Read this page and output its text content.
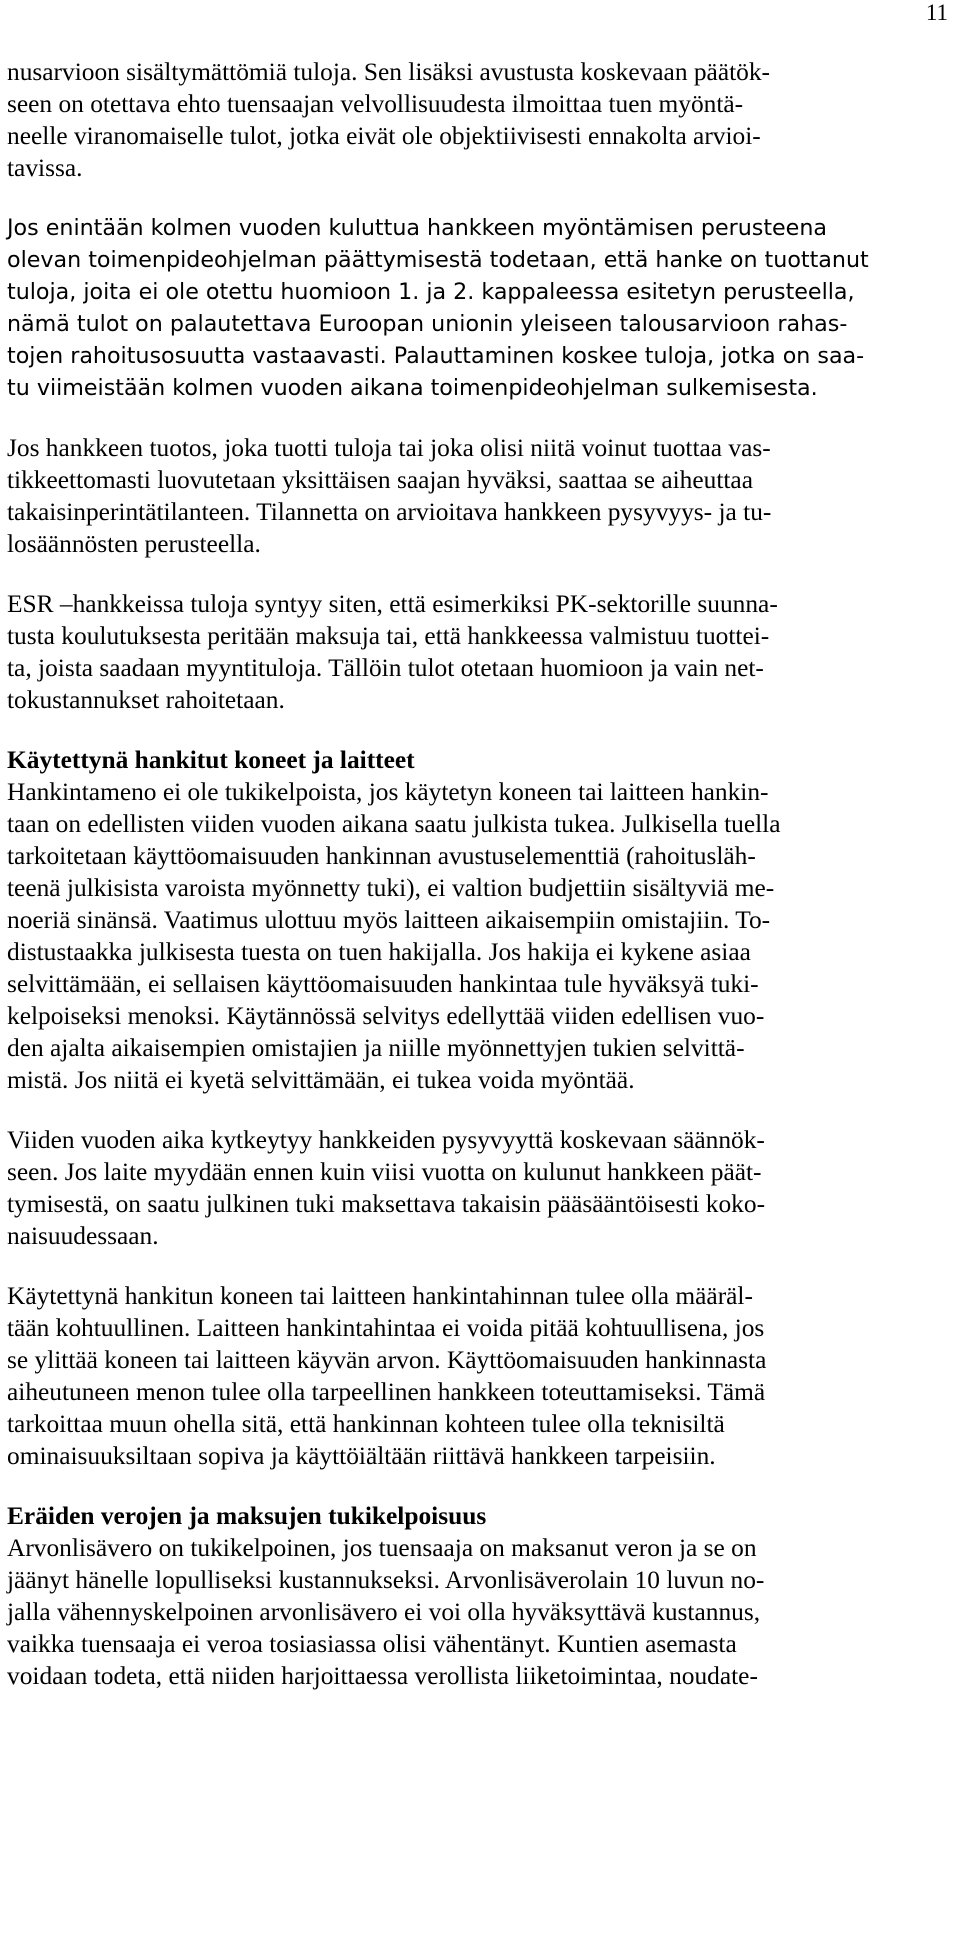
11

nusarvioon sisältymättömiä tuloja. Sen lisäksi avustusta koskevaan päätök-
seen on otettava ehto tuensaajan velvollisuudesta ilmoittaa tuen myöntä-
neelle viranomaiselle tulot, jotka eivät ole objektiivisesti ennakolta arvioi-
tavissa.

Jos enintään kolmen vuoden kuluttua hankkeen myöntämisen perusteena
olevan toimenpideohjelman päättymisestä todetaan, että hanke on tuottanut
tuloja, joita ei ole otettu huomioon 1. ja 2. kappaleessa esitetyn perusteella,
nämä tulot on palautettava Euroopan unionin yleiseen talousarvioon rahas-
tojen rahoitusosuutta vastaavasti. Palauttaminen koskee tuloja, jotka on saa-
tu viimeistään kolmen vuoden aikana toimenpideohjelman sulkemisesta.

Jos hankkeen tuotos, joka tuotti tuloja tai joka olisi niitä voinut tuottaa vas-
tikkeettomasti luovutetaan yksittäisen saajan hyväksi, saattaa se aiheuttaa
takaisinperintätilanteen. Tilannetta on arvioitava hankkeen pysyvyys- ja tu-
losäännösten perusteella.

ESR –hankkeissa tuloja syntyy siten, että esimerkiksi PK-sektorille suunna-
tusta koulutuksesta peritään maksuja tai, että hankkeessa valmistuu tuottei-
ta, joista saadaan myyntituloja. Tällöin tulot otetaan huomioon ja vain net-
tokustannukset rahoitetaan.

Käytettynä hankitut koneet ja laitteet
Hankintameno ei ole tukikelpoista, jos käytetyn koneen tai laitteen hankin-
taan on edellisten viiden vuoden aikana saatu julkista tukea. Julkisella tuella
tarkoitetaan käyttöomaisuuden hankinnan avustuselementtiä (rahoitusläh-
teenä julkisista varoista myönnetty tuki), ei valtion budjettiin sisältyviä me-
noeriä sinänsä. Vaatimus ulottuu myös laitteen aikaisempiin omistajiin. To-
distustaakka julkisesta tuesta on tuen hakijalla. Jos hakija ei kykene asiaa
selvittämään, ei sellaisen käyttöomaisuuden hankintaa tule hyväksyä tuki-
kelpoiseksi menoksi. Käytännössä selvitys edellyttää viiden edellisen vuo-
den ajalta aikaisempien omistajien ja niille myönnettyjen tukien selvittä-
mistä. Jos niitä ei kyetä selvittämään, ei tukea voida myöntää.

Viiden vuoden aika kytkeytyy hankkeiden pysyvyyttä koskevaan säännök-
seen. Jos laite myydään ennen kuin viisi vuotta on kulunut hankkeen päät-
tymisestä, on saatu julkinen tuki maksettava takaisin pääsääntöisesti koko-
naisuudessaan.

Käytettynä hankitun koneen tai laitteen hankintahinnan tulee olla määräl-
tään kohtuullinen. Laitteen hankintahintaa ei voida pitää kohtuullisena, jos
se ylittää koneen tai laitteen käyvän arvon. Käyttöomaisuuden hankinnasta
aiheutuneen menon tulee olla tarpeellinen hankkeen toteuttamiseksi. Tämä
tarkoittaa muun ohella sitä, että hankinnan kohteen tulee olla teknisiltä
ominaisuuksiltaan sopiva ja käyttöiältään riittävä hankkeen tarpeisiin.

Eräiden verojen ja maksujen tukikelpoisuus
Arvonlisävero on tukikelpoinen, jos tuensaaja on maksanut veron ja se on
jäänyt hänelle lopulliseksi kustannukseksi. Arvonlisäverolain 10 luvun no-
jalla vähennyskelpoinen arvonlisävero ei voi olla hyväksyttävä kustannus,
vaikka tuensaaja ei veroa tosiasiassa olisi vähentänyt. Kuntien asemasta
voidaan todeta, että niiden harjoittaessa verollista liiketoimintaa, noudate-
